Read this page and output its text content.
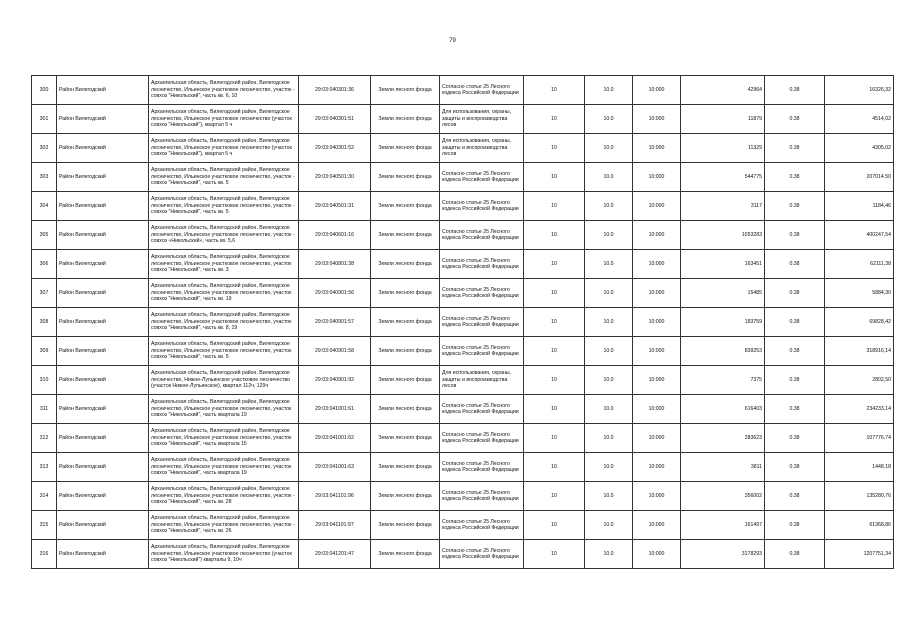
79
300	Район Вилегодский	Архангельская область, Вилегодский район, Вилегодское лесничество, Ильинское участковое лесничество, участок - совхоз "Никольский", часть кв. 6, 10	29:03:040301:36	Земли лесного фонда	Согласно статье 25 Лесного кодекса Российской Федерации	10	10.0	10:000	42964	0.38	16326,32
301	Район Вилегодский	Архангельская область, Вилегодский район, Вилегодское лесничество, Ильинское участковое лесничество (участок совхоз "Никольский"), квартал 5 ч	29:03:040301:51	Земли лесного фонда	Для использования, охраны, защиты и воспроизводства лесов	10	10.0	10:000	11879	0.38	4514,02
302	Район Вилегодский	Архангельская область, Вилегодский район, Вилегодское лесничество, Ильинское участковое лесничество (участок совхоз "Никольский"), квартал 5 ч	29:03:040301:52	Земли лесного фонда	Для использования, охраны, защиты и воспроизводства лесов	10	10.0	10:000	11329	0.38	4305,02
303	Район Вилегодский	Архангельская область, Вилегодский район, Вилегодское лесничество, Ильинское участковое лесничество, участок - совхоз "Никольский", часть кв. 5	29:03:040501:30	Земли лесного фонда	Согласно статье 25 Лесного кодекса Российской Федерации	10	10.0	10:000	544775	0.38	207014.50
304	Район Вилегодский	Архангельская область, Вилегодский район, Вилегодское лесничество, Ильинское участковое лесничество, участок - совхоз "Никольский", часть кв. 5	29:03:040501:31	Земли лесного фонда	Согласно статье 25 Лесного кодекса Российской Федерации	10	10.0	10:000	3117	0.38	1184,46
305	Район Вилегодский	Архангельская область, Вилегодский район, Вилегодское лесничество, Ильинское участковое лесничество, участок - совхоз «Никольский», часть кв. 5,6	29:03:040601:16	Земли лесного фонда	Согласно статье 25 Лесного кодекса Российской Федерации	10	10.0	10:000	1053283	0.38	400247,54
306	Район Вилегодский	Архангельская область, Вилегодский район, Вилегодское лесничество, Ильинское участковое лесничество, участок совхоз "Никольский", часть кв. 3	29:03:040801:38	Земли лесного фонда	Согласно статье 25 Лесного кодекса Российской Федерации	10	10.0	10:000	163451	0.38	62111,38
307	Район Вилегодский	Архангельская область, Вилегодский район, Вилегодское лесничество, Ильинское участковое лесничество, участок совхоз "Никольский", часть кв. 19	29:03:040901:56	Земли лесного фонда	Согласно статье 25 Лесного кодекса Российской Федерации	10	10.0	10:000	15485	0.38	5884,30
308	Район Вилегодский	Архангельская область, Вилегодский район, Вилегодское лесничество, Ильинское участковое лесничество, участок совхоз "Никольский", часть кв. 8, 19	29:03:040901:57	Земли лесного фонда	Согласно статье 25 Лесного кодекса Российской Федерации	10	10.0	10:000	183759	0.38	69828,42
309	Район Вилегодский	Архангельская область, Вилегодский район, Вилегодское лесничество, Ильинское участковое лесничество, участок совхоз "Никольский", часть кв. 5	29:03:040901:58	Земли лесного фонда	Согласно статье 25 Лесного кодекса Российской Федерации	10	10.0	10:000	839253	0.38	318916,14
310	Район Вилегодский	Архангельская область, Вилегодский район, Вилегодское лесничество, Нижне-Лупьинское участковое лесничество (участок Нижне-Лупьинское), квартал 112ч, 129ч	29:03:040901:92	Земли лесного фонда	Для использования, охраны, защиты и воспроизводства лесов	10	10.0	10:000	7375	0.38	2802,50
311	Район Вилегодский	Архангельская область, Вилегодский район, Вилегодское лесничество, Ильинское участковое лесничество, участок совхоз "Никольский", часть квартала 19	29:03:041001:61	Земли лесного фонда	Согласно статье 25 Лесного кодекса Российской Федерации	10	10.0	10:000	616403	0.38	234233,14
312	Район Вилегодский	Архангельская область, Вилегодский район, Вилегодское лесничество, Ильинское участковое лесничество, участок совхоз "Никольский", часть квартала 15	29:03:041001:62	Земли лесного фонда	Согласно статье 25 Лесного кодекса Российской Федерации	10	10.0	10:000	283623	0.38	107776,74
313	Район Вилегодский	Архангельская область, Вилегодский район, Вилегодское лесничество, Ильинское участковое лесничество, участок совхоз "Никольский", часть квартала 19	29:03:041001:63	Земли лесного фонда	Согласно статье 25 Лесного кодекса Российской Федерации	10	10.0	10:000	3811	0.38	1448,18
314	Район Вилегодский	Архангельская область, Вилегодский район, Вилегодское лесничество, Ильинское участковое лесничество, участок - совхоз "Никольский", часть кв. 28	29:03:041101:96	Земли лесного фонда	Согласно статье 25 Лесного кодекса Российской Федерации	10	10.0	10:000	356002	0.38	135280,76
315	Район Вилегодский	Архангельская область, Вилегодский район, Вилегодское лесничество, Ильинское участковое лесничество, участок - совхоз "Никольский", часть кв. 26	29:03:041101:97	Земли лесного фонда	Согласно статье 25 Лесного кодекса Российской Федерации	10	10.0	10:000	161497	0.38	61368,86
316	Район Вилегодский	Архангельская область, Вилегодский район, Вилегодское лесничество, Ильинское участковое лесничество (участок совхоз "Никольский") кварталы 9, 10ч	29:03:041201:47	Земли лесного фонда	Согласно статье 25 Лесного кодекса Российской Федерации	10	10.0	10:000	3178293	0.38	1207751,34
